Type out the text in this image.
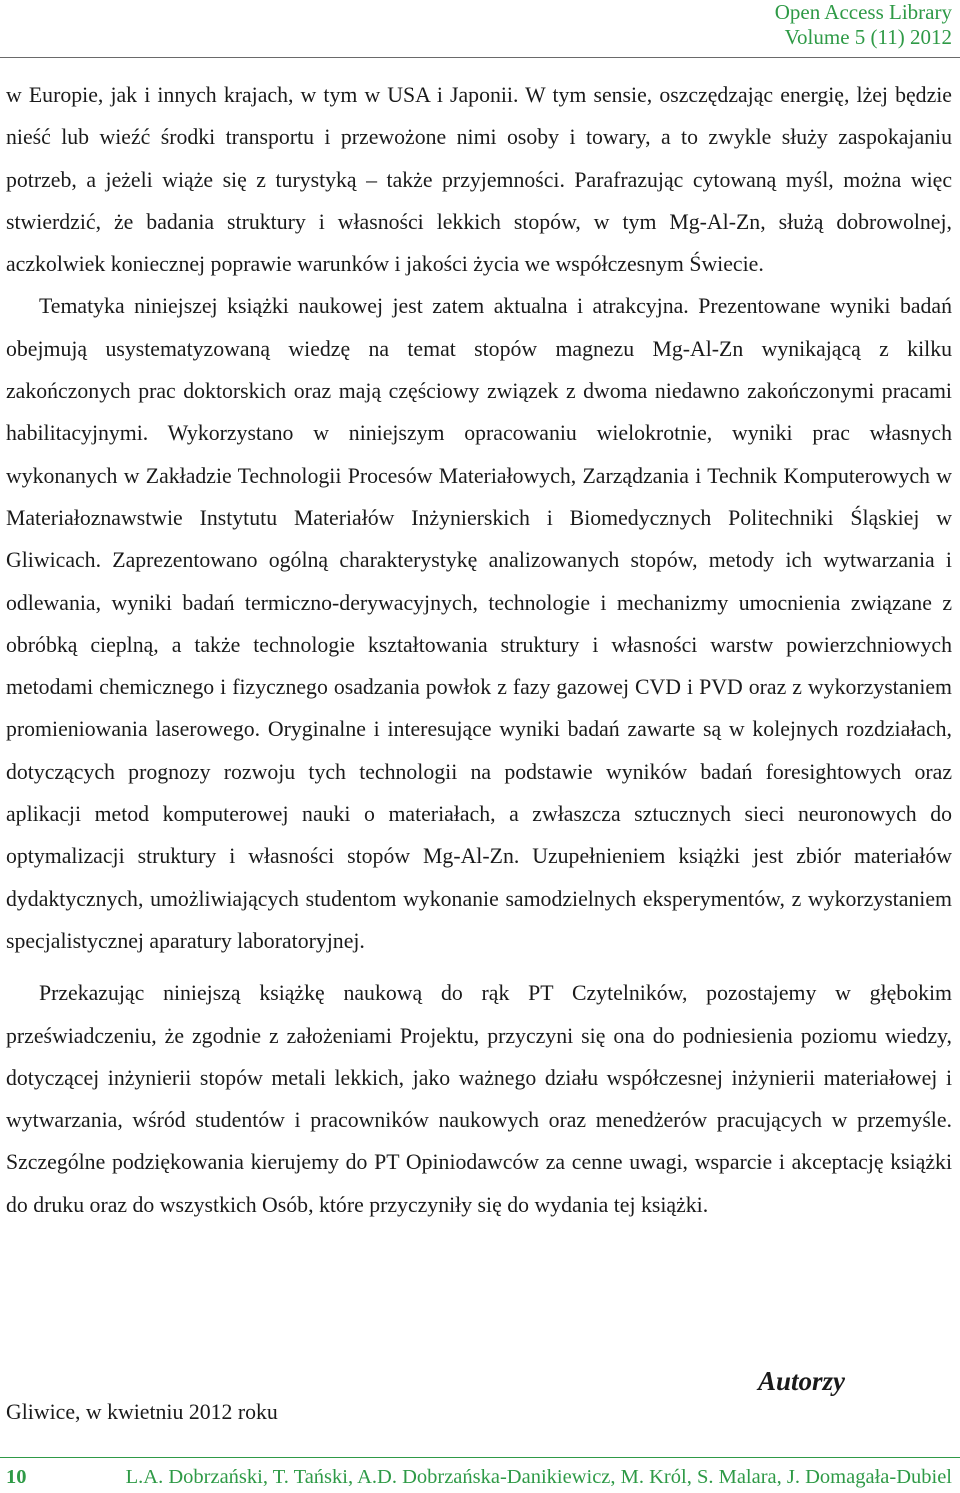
Open Access Library
Volume 5 (11) 2012

w Europie, jak i innych krajach, w tym w USA i Japonii. W tym sensie, oszczędzając energię, lżej będzie nieść lub wieźć środki transportu i przewożone nimi osoby i towary, a to zwykle służy zaspokajaniu potrzeb, a jeżeli wiąże się z turystyką – także przyjemności. Parafrazując cytowaną myśl, można więc stwierdzić, że badania struktury i własności lekkich stopów, w tym Mg-Al-Zn, służą dobrowolnej, aczkolwiek koniecznej poprawie warunków i jakości życia we współczesnym Świecie.

Tematyka niniejszej książki naukowej jest zatem aktualna i atrakcyjna. Prezentowane wyniki badań obejmują usystematyzowaną wiedzę na temat stopów magnezu Mg-Al-Zn wynikającą z kilku zakończonych prac doktorskich oraz mają częściowy związek z dwoma niedawno zakończonymi pracami habilitacyjnymi. Wykorzystano w niniejszym opracowaniu wielokrotnie, wyniki prac własnych wykonanych w Zakładzie Technologii Procesów Materiałowych, Zarządzania i Technik Komputerowych w Materiałoznawstwie Instytutu Materiałów Inżynierskich i Biomedycznych Politechniki Śląskiej w Gliwicach. Zaprezentowano ogólną charakterystykę analizowanych stopów, metody ich wytwarzania i odlewania, wyniki badań termiczno-derywacyjnych, technologie i mechanizmy umocnienia związane z obróbką cieplną, a także technologie kształtowania struktury i własności warstw powierzchniowych metodami chemicznego i fizycznego osadzania powłok z fazy gazowej CVD i PVD oraz z wykorzystaniem promieniowania laserowego. Oryginalne i interesujące wyniki badań zawarte są w kolejnych rozdziałach, dotyczących prognozy rozwoju tych technologii na podstawie wyników badań foresightowych oraz aplikacji metod komputerowej nauki o materiałach, a zwłaszcza sztucznych sieci neuronowych do optymalizacji struktury i własności stopów Mg-Al-Zn. Uzupełnieniem książki jest zbiór materiałów dydaktycznych, umożliwiających studentom wykonanie samodzielnych eksperymentów, z wykorzystaniem specjalistycznej aparatury laboratoryjnej.

Przekazując niniejszą książkę naukową do rąk PT Czytelników, pozostajemy w głębokim przeświadczeniu, że zgodnie z założeniami Projektu, przyczyni się ona do podniesienia poziomu wiedzy, dotyczącej inżynierii stopów metali lekkich, jako ważnego działu współczesnej inżynierii materiałowej i wytwarzania, wśród studentów i pracowników naukowych oraz menedżerów pracujących w przemyśle. Szczególne podziękowania kierujemy do PT Opiniodawców za cenne uwagi, wsparcie i akceptację książki do druku oraz do wszystkich Osób, które przyczyniły się do wydania tej książki.

Autorzy
Gliwice, w kwietniu 2012 roku
10	L.A. Dobrzański, T. Tański, A.D. Dobrzańska-Danikiewicz, M. Król, S. Malara, J. Domagała-Dubiel
